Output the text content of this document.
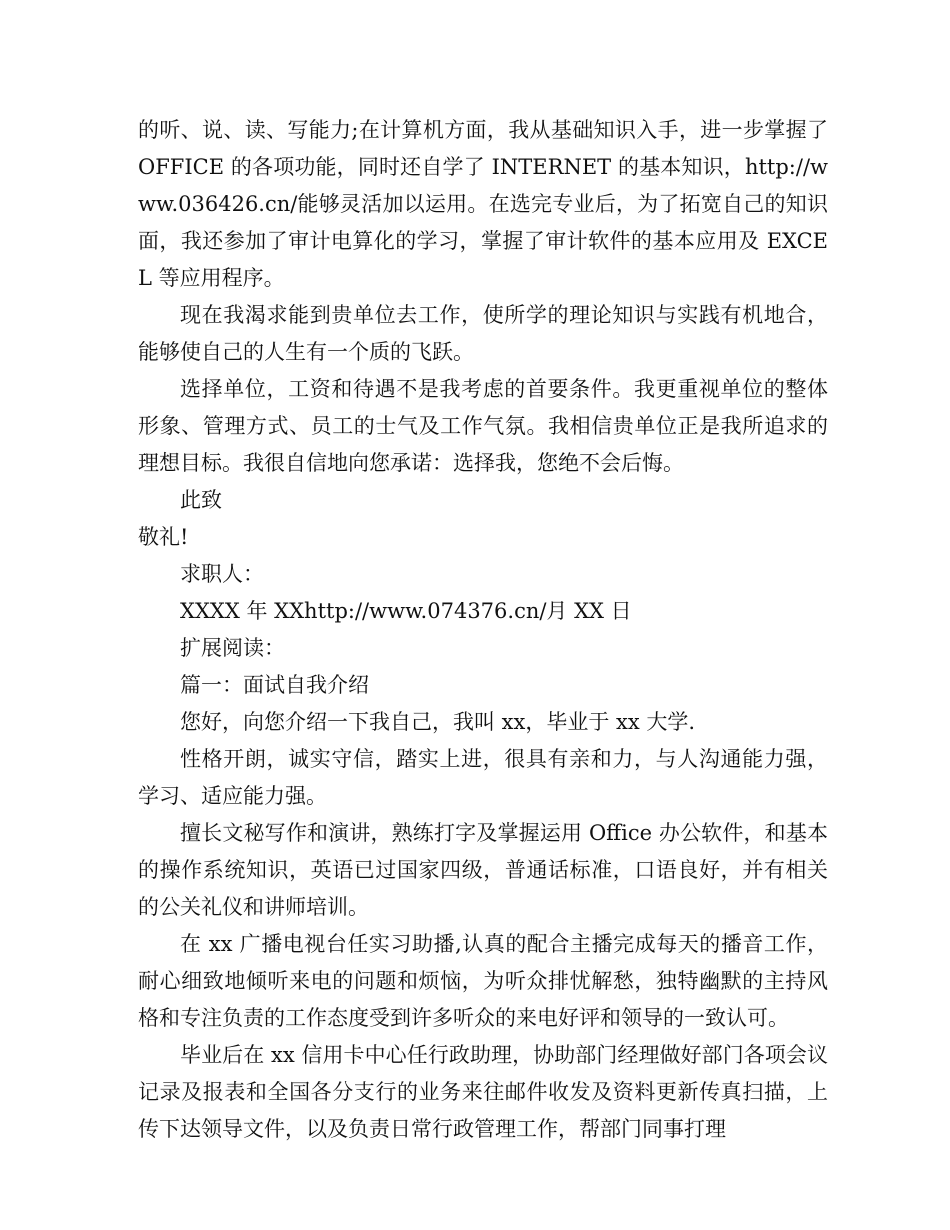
的听、说、读、写能力;在计算机方面，我从基础知识入手，进一步掌握了 OFFICE 的各项功能，同时还自学了 INTERNET 的基本知识，http://www.036426.cn/能够灵活加以运用。在选完专业后，为了拓宽自己的知识面，我还参加了审计电算化的学习，掌握了审计软件的基本应用及 EXCEL 等应用程序。

现在我渴求能到贵单位去工作，使所学的理论知识与实践有机地合，能够使自己的人生有一个质的飞跃。

选择单位，工资和待遇不是我考虑的首要条件。我更重视单位的整体形象、管理方式、员工的士气及工作气氛。我相信贵单位正是我所追求的理想目标。我很自信地向您承诺：选择我，您绝不会后悔。

此致

敬礼!

求职人：

XXXX 年 XXhttp://www.074376.cn/月 XX 日

扩展阅读：

篇一：面试自我介绍

您好，向您介绍一下我自己，我叫 xx，毕业于 xx 大学.

性格开朗，诚实守信，踏实上进，很具有亲和力，与人沟通能力强，学习、适应能力强。

擅长文秘写作和演讲，熟练打字及掌握运用 Office 办公软件，和基本的操作系统知识，英语已过国家四级，普通话标准，口语良好，并有相关的公关礼仪和讲师培训。

在 xx 广播电视台任实习助播,认真的配合主播完成每天的播音工作，耐心细致地倾听来电的问题和烦恼，为听众排忧解愁，独特幽默的主持风格和专注负责的工作态度受到许多听众的来电好评和领导的一致认可。

毕业后在 xx 信用卡中心任行政助理，协助部门经理做好部门各项会议记录及报表和全国各分支行的业务来往邮件收发及资料更新传真扫描，上传下达领导文件，以及负责日常行政管理工作，帮部门同事打理
